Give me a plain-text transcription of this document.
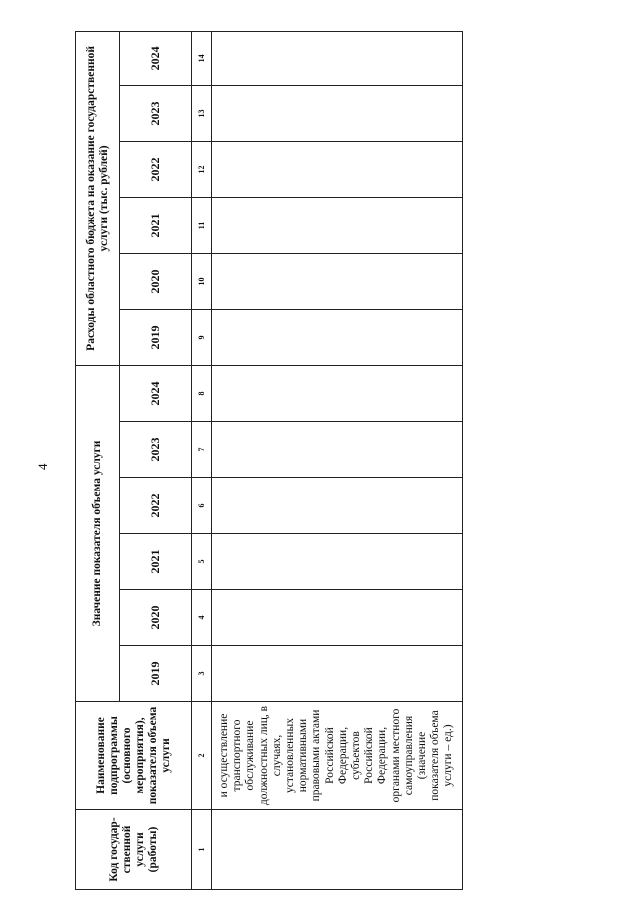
4
Код государ-ственной услуги (работы)	Наименование подпрограммы (основного мероприятия), показателя объема услуги	Значение показателя объема услуги						Расходы областного бюджета на оказание государственной услуги (тыс. рублей)					
		2019	2020	2021	2022	2023	2024	2019	2020	2021	2022	2023	2024
1	2	3	4	5	6	7	8	9	10	11	12	13	14
	и осуществление транспортного обслуживание должностных лиц, в случаях, установленных нормативными правовыми актами Российской Федерации, субъектов Российской Федерации, органами местного самоуправления (значение показателя объема услуги – ед.)												
